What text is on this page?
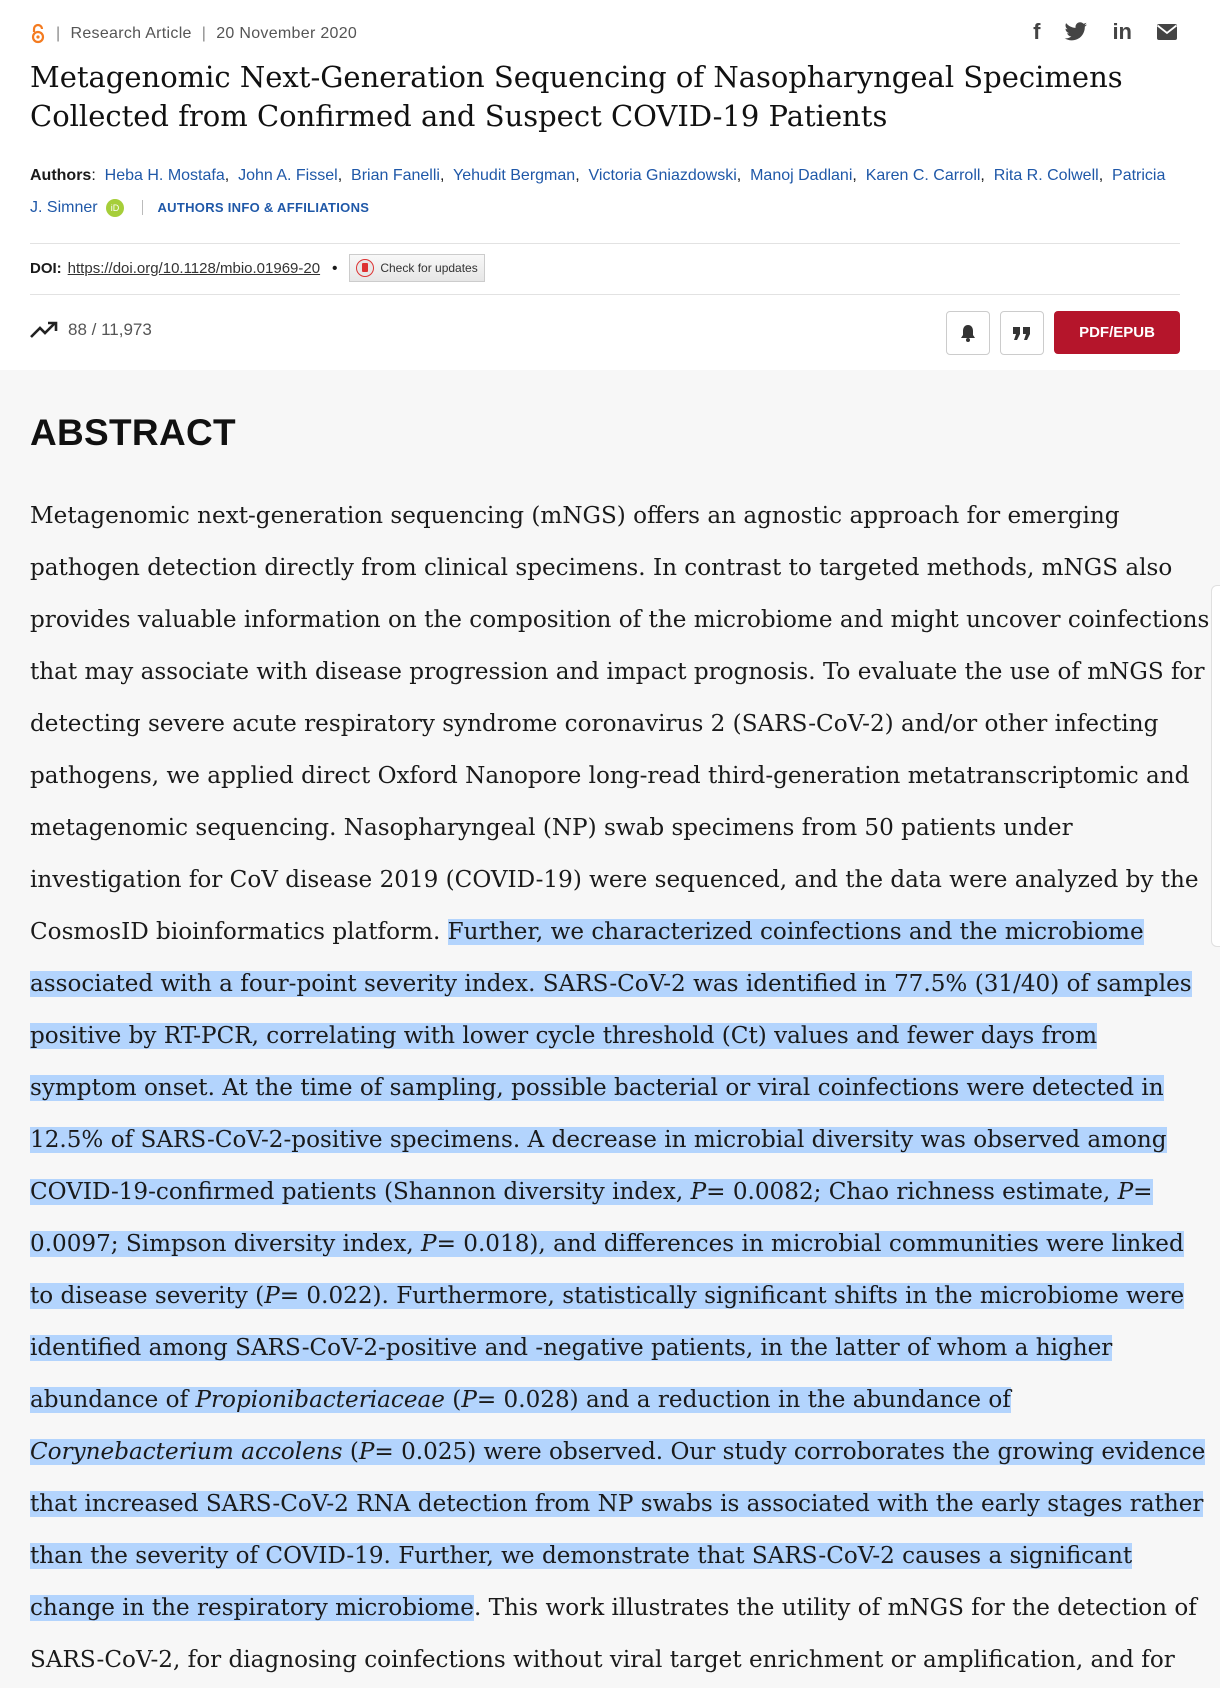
| Research Article | 20 November 2020	f	in
Metagenomic Next-Generation Sequencing of Nasopharyngeal Specimens Collected from Confirmed and Suspect COVID-19 Patients
Authors:  Heba H. Mostafa,  John A. Fissel,  Brian Fanelli,  Yehudit Bergman,  Victoria Gniazdowski,  Manoj Dadlani,  Karen C. Carroll,  Rita R. Colwell,  Patricia J. Simner iD	AUTHORS INFO & AFFILIATIONS
DOI: https://doi.org/10.1128/mbio.01969-20 •	Check for updates
88 / 11,973	PDF/EPUB
ABSTRACT

Metagenomic next-generation sequencing (mNGS) offers an agnostic approach for emerging pathogen detection directly from clinical specimens. In contrast to targeted methods, mNGS also provides valuable information on the composition of the microbiome and might uncover coinfections that may associate with disease progression and impact prognosis. To evaluate the use of mNGS for detecting severe acute respiratory syndrome coronavirus 2 (SARS-CoV-2) and/or other infecting pathogens, we applied direct Oxford Nanopore long-read third-generation metatranscriptomic and metagenomic sequencing. Nasopharyngeal (NP) swab specimens from 50 patients under investigation for CoV disease 2019 (COVID-19) were sequenced, and the data were analyzed by the CosmosID bioinformatics platform. Further, we characterized coinfections and the microbiome associated with a four-point severity index. SARS-CoV-2 was identified in 77.5% (31/40) of samples positive by RT-PCR, correlating with lower cycle threshold (Ct) values and fewer days from symptom onset. At the time of sampling, possible bacterial or viral coinfections were detected in 12.5% of SARS-CoV-2-positive specimens. A decrease in microbial diversity was observed among COVID-19-confirmed patients (Shannon diversity index, P= 0.0082; Chao richness estimate, P= 0.0097; Simpson diversity index, P= 0.018), and differences in microbial communities were linked to disease severity (P= 0.022). Furthermore, statistically significant shifts in the microbiome were identified among SARS-CoV-2-positive and -negative patients, in the latter of whom a higher abundance of Propionibacteriaceae (P= 0.028) and a reduction in the abundance of Corynebacterium accolens (P= 0.025) were observed. Our study corroborates the growing evidence that increased SARS-CoV-2 RNA detection from NP swabs is associated with the early stages rather than the severity of COVID-19. Further, we demonstrate that SARS-CoV-2 causes a significant change in the respiratory microbiome. This work illustrates the utility of mNGS for the detection of SARS-CoV-2, for diagnosing coinfections without viral target enrichment or amplification, and for
